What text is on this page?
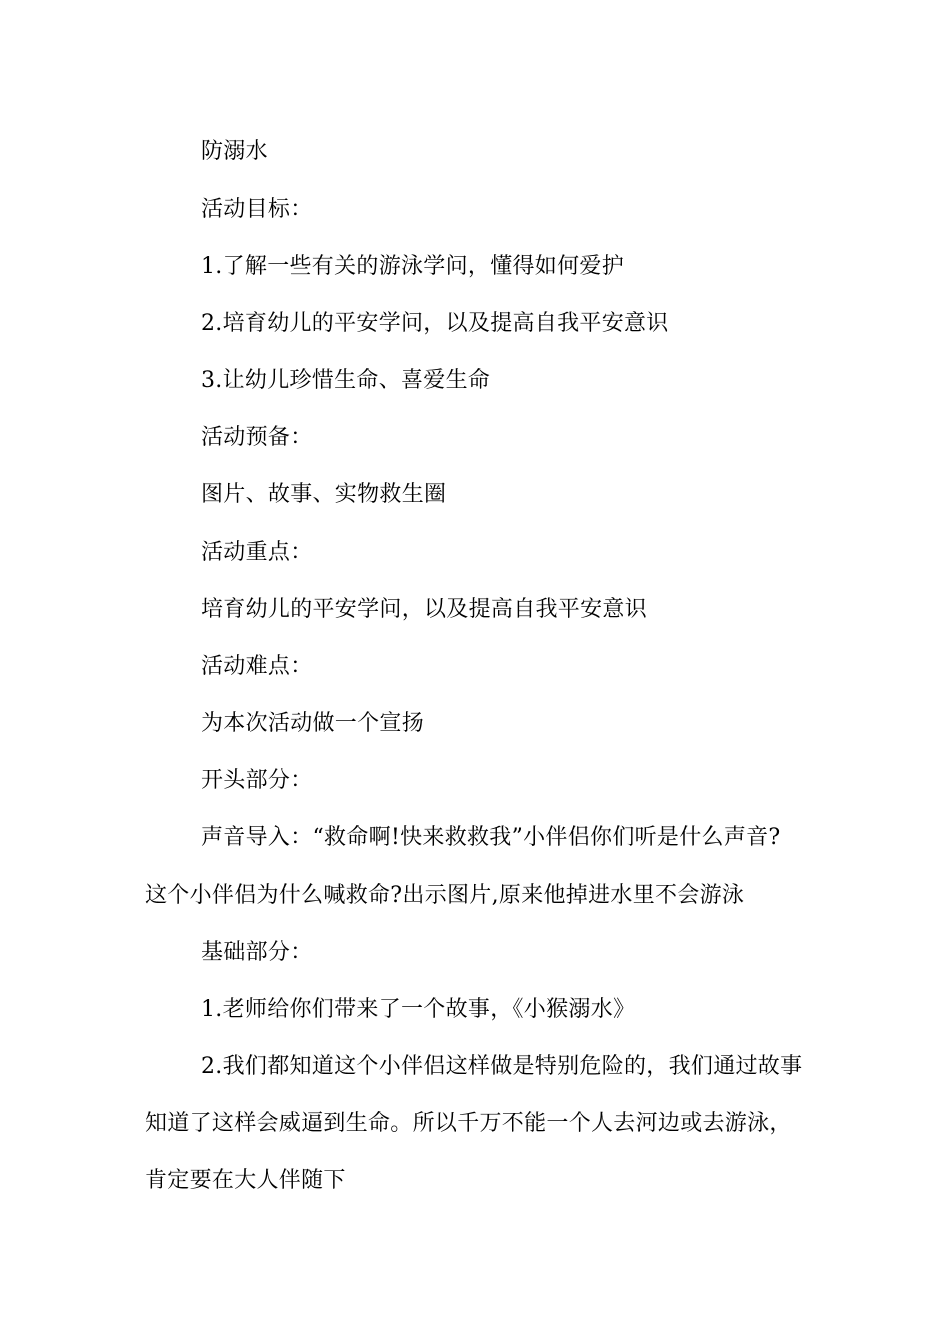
防溺水
活动目标：
1.了解一些有关的游泳学问，懂得如何爱护
2.培育幼儿的平安学问，以及提高自我平安意识
3.让幼儿珍惜生命、喜爱生命
活动预备：
图片、故事、实物救生圈
活动重点：
培育幼儿的平安学问，以及提高自我平安意识
活动难点：
为本次活动做一个宣扬
开头部分：
声音导入：“救命啊!快来救救我”小伴侣你们听是什么声音?
这个小伴侣为什么喊救命?出示图片,原来他掉进水里不会游泳
基础部分：
1.老师给你们带来了一个故事，《小猴溺水》
2.我们都知道这个小伴侣这样做是特别危险的，我们通过故事
知道了这样会威逼到生命。所以千万不能一个人去河边或去游泳，
肯定要在大人伴随下
